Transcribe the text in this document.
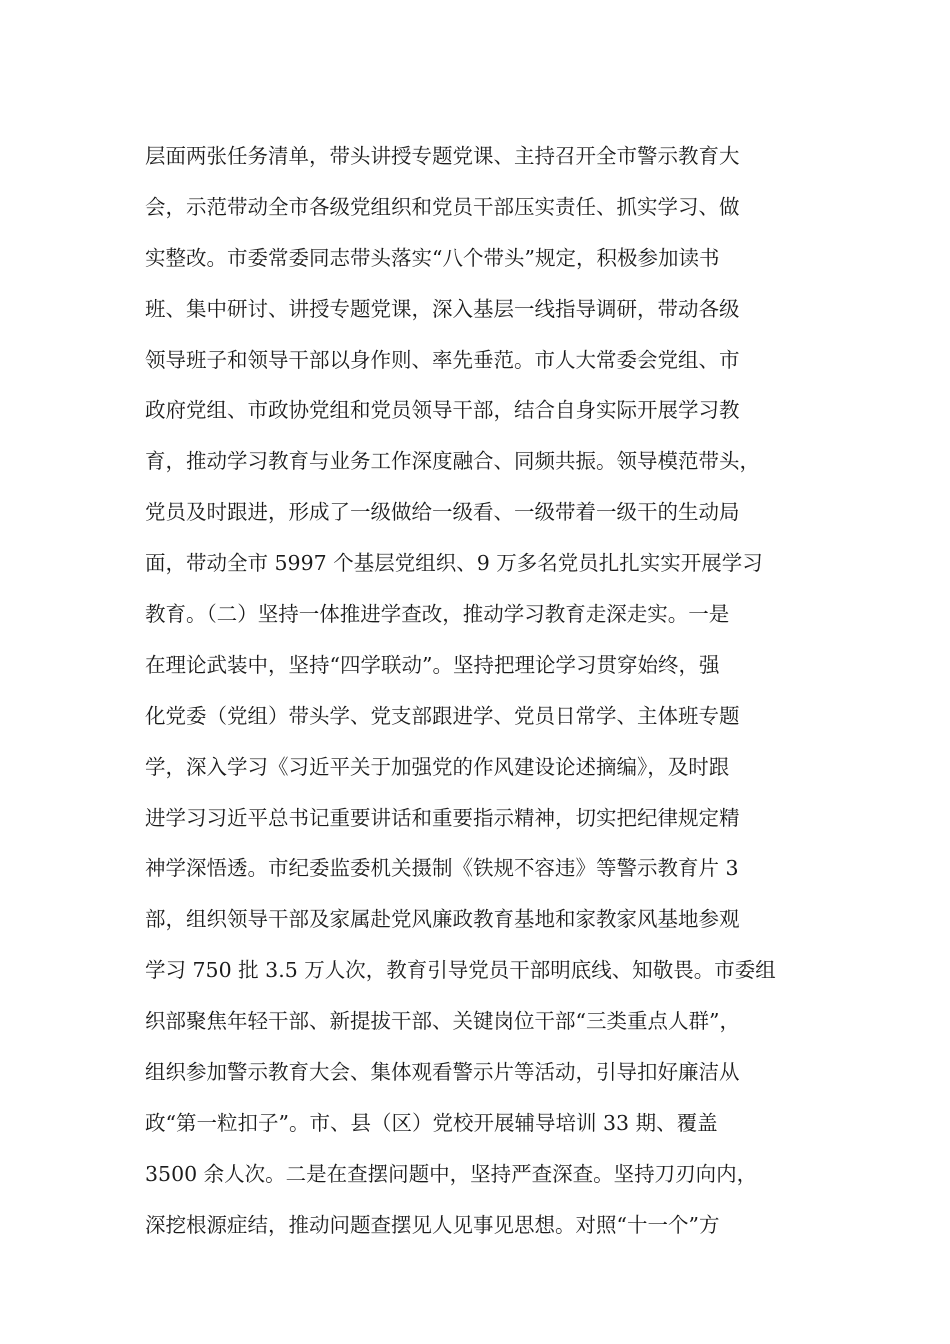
层面两张任务清单，带头讲授专题党课、主持召开全市警示教育大
会，示范带动全市各级党组织和党员干部压实责任、抓实学习、做
实整改。市委常委同志带头落实“八个带头”规定，积极参加读书
班、集中研讨、讲授专题党课，深入基层一线指导调研，带动各级
领导班子和领导干部以身作则、率先垂范。市人大常委会党组、市
政府党组、市政协党组和党员领导干部，结合自身实际开展学习教
育，推动学习教育与业务工作深度融合、同频共振。领导模范带头，
党员及时跟进，形成了一级做给一级看、一级带着一级干的生动局
面，带动全市 5997 个基层党组织、9 万多名党员扎扎实实开展学习
教育。（二）坚持一体推进学查改，推动学习教育走深走实。一是
在理论武装中，坚持“四学联动”。坚持把理论学习贯穿始终，强
化党委（党组）带头学、党支部跟进学、党员日常学、主体班专题
学，深入学习《习近平关于加强党的作风建设论述摘编》，及时跟
进学习习近平总书记重要讲话和重要指示精神，切实把纪律规定精
神学深悟透。市纪委监委机关摄制《铁规不容违》等警示教育片 3
部，组织领导干部及家属赴党风廉政教育基地和家教家风基地参观
学习 750 批 3.5 万人次，教育引导党员干部明底线、知敬畏。市委组
织部聚焦年轻干部、新提拔干部、关键岗位干部“三类重点人群”，
组织参加警示教育大会、集体观看警示片等活动，引导扣好廉洁从
政“第一粒扣子”。市、县（区）党校开展辅导培训 33 期、覆盖
3500 余人次。二是在查摆问题中，坚持严查深查。坚持刀刃向内，
深挖根源症结，推动问题查摆见人见事见思想。对照“十一个”方
